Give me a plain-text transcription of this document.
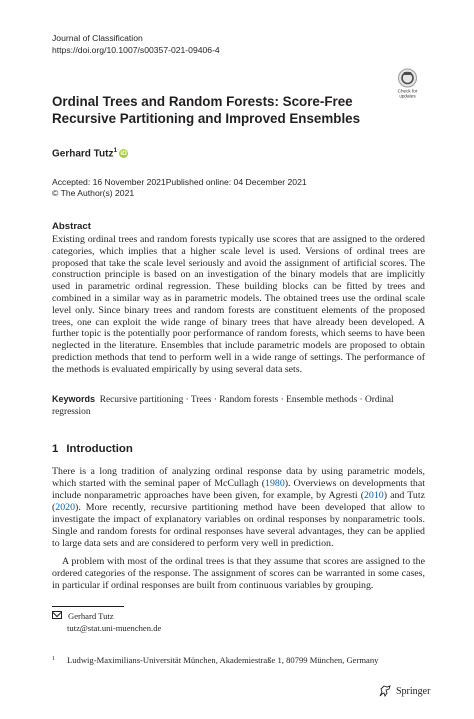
Journal of Classification
https://doi.org/10.1007/s00357-021-09406-4
Check for
updates
Ordinal Trees and Random Forests: Score-Free
Recursive Partitioning and Improved Ensembles
Gerhard Tutz$^1$ iD
Accepted: 16 November 2021Published online: 04 December 2021
© The Author(s) 2021
Abstract

Existing ordinal trees and random forests typically use scores that are assigned to the ordered categories, which implies that a higher scale level is used. Versions of ordinal trees are proposed that take the scale level seriously and avoid the assignment of artificial scores. The construction principle is based on an investigation of the binary models that are implicitly used in parametric ordinal regression. These building blocks can be fitted by trees and combined in a similar way as in parametric models. The obtained trees use the ordinal scale level only. Since binary trees and random forests are constituent elements of the proposed trees, one can exploit the wide range of binary trees that have already been developed. A further topic is the potentially poor performance of random forests, which seems to have been neglected in the literature. Ensembles that include parametric models are proposed to obtain prediction methods that tend to perform well in a wide range of settings. The performance of the methods is evaluated empirically by using several data sets.

Keywords Recursive partitioning · Trees · Random forests · Ensemble methods · Ordinal regression

1 Introduction

There is a long tradition of analyzing ordinal response data by using parametric models, which started with the seminal paper of McCullagh (1980). Overviews on developments that include nonparametric approaches have been given, for example, by Agresti (2010) and Tutz (2020). More recently, recursive partitioning method have been developed that allow to investigate the impact of explanatory variables on ordinal responses by nonparametric tools. Single and random forests for ordinal responses have several advantages, they can be applied to large data sets and are considered to perform very well in prediction.

A problem with most of the ordinal trees is that they assume that scores are assigned to the ordered categories of the response. The assignment of scores can be warranted in some cases, in particular if ordinal responses are built from continuous variables by grouping.

Gerhard Tutz
tutz@stat.uni-muenchen.de
$^1$ Ludwig-Maximilians-Universität München, Akademiestraße 1, 80799 München, Germany
Springer
